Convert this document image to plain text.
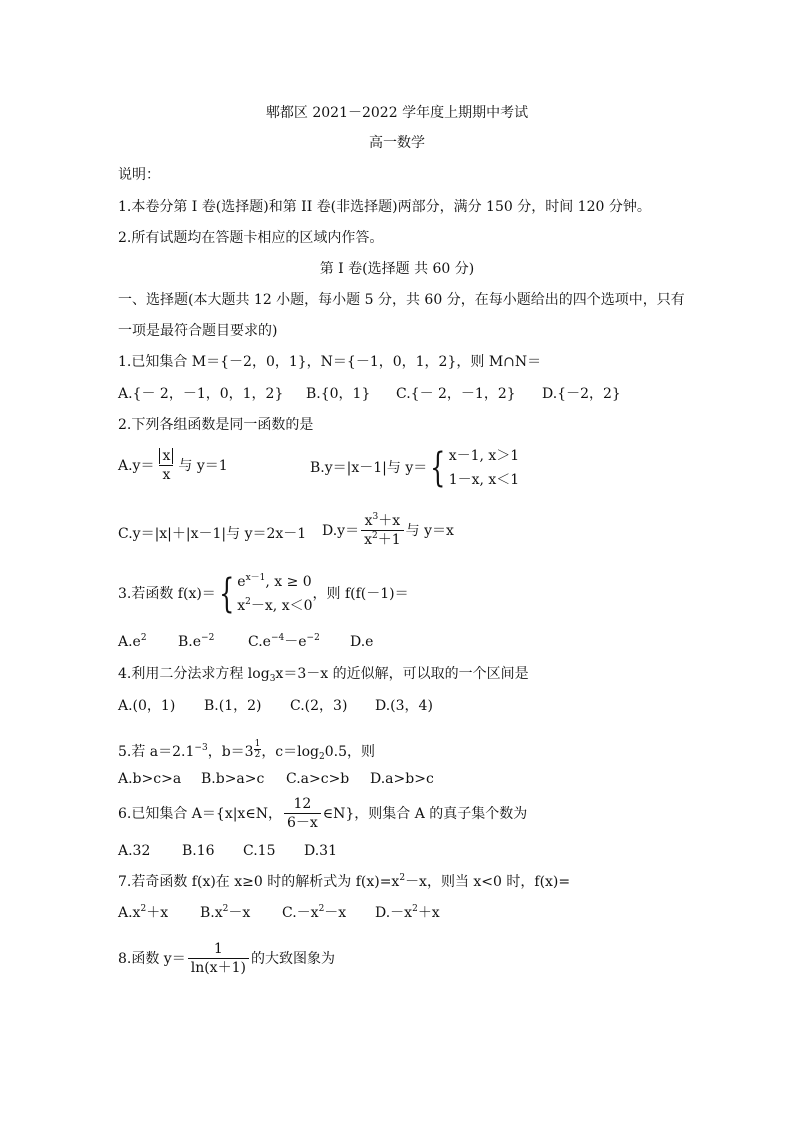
郫都区 2021－2022 学年度上期期中考试
高一数学
说明：
1.本卷分第 I 卷(选择题)和第 II 卷(非选择题)两部分，满分 150 分，时间 120 分钟。
2.所有试题均在答题卡相应的区域内作答。
第 I 卷(选择题 共 60 分)
一、选择题(本大题共 12 小题，每小题 5 分，共 60 分，在每小题给出的四个选项中，只有
一项是最符合题目要求的)
1.已知集合 M＝{－2，0，1}，N＝{－1，0，1，2}，则 M∩N＝
A.{－ 2，－1，0，1，2} B.{0，1} C.{－ 2，－1，2} D.{－2，2}
2.下列各组函数是同一函数的是
$A.y= \frac{x}{x}$ 与 y＝1	B.y＝|x－1|与 y＝{ x－1, x＞1
1－x, x＜1
C.y＝|x|＋|x－1|与 y＝2x－1 $D.y= \frac{x^3+x}{x^2+1}$ 与 y＝x
3.若函数 f(x)＝{ $e^{x-1}$, x ≥ 0
$x^2-x$, x＜0
，则 f(f(－1)＝
$A.e^2$ $B.e^{-2}$ $C.e^{-4}-e^{-2}$ D.e
4.利用二分法求方程 $\log_3x=3-x$ 的近似解，可以取的一个区间是
A.(0，1) B.(1，2) C.(2，3) D.(3，4)
5.若 $a=2.1^{-3}$，$b=3 \frac{1}{2}$ ，$c=\log_20.5$，则
A.b>c>a B.b>a>c C.a>c>b D.a>b>c
6.已知集合 A＝{x|x∈N， $\frac{12}{6-x}$ ∈N}，则集合 A 的真子集个数为
A.32 B.16 C.15 D.31
7.若奇函数 f(x)在 x≥0 时的解析式为 $f(x)=x^2-x$，则当 x<0 时，f(x)=
$A.x^2+x$ $B.x^2-x$ $C.-x^2-x$ $D.-x^2+x$
8.函数 $y= \frac{1}{\ln(x+1)}$ 的大致图象为
